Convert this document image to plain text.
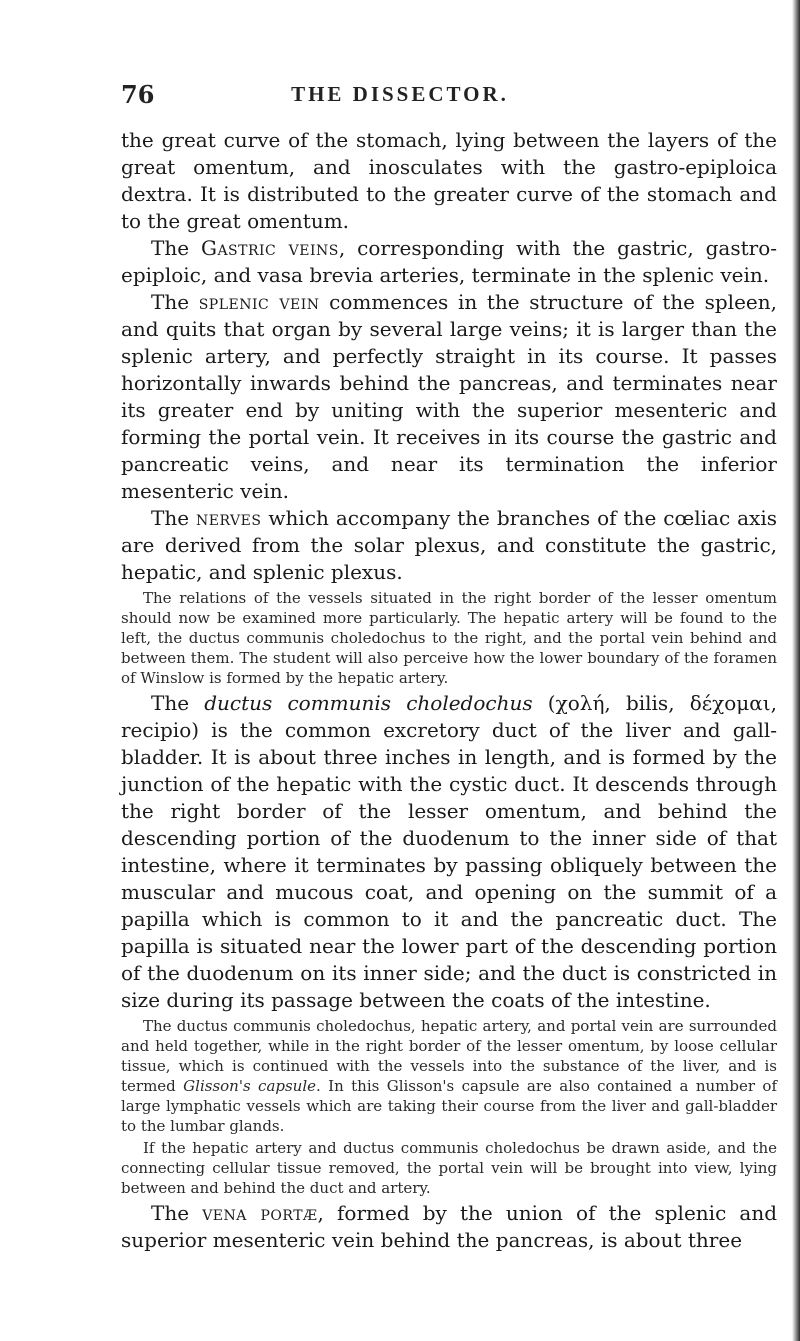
76	THE DISSECTOR.

the great curve of the stomach, lying between the layers of the great omentum, and inosculates with the gastro-epiploica dextra. It is distributed to the greater curve of the stomach and to the great omentum.

The Gastric veins, corresponding with the gastric, gastro-epiploic, and vasa brevia arteries, terminate in the splenic vein.

The splenic vein commences in the structure of the spleen, and quits that organ by several large veins; it is larger than the splenic artery, and perfectly straight in its course. It passes horizontally inwards behind the pancreas, and terminates near its greater end by uniting with the superior mesenteric and forming the portal vein. It receives in its course the gastric and pancreatic veins, and near its termination the inferior mesenteric vein.

The nerves which accompany the branches of the cœliac axis are derived from the solar plexus, and constitute the gastric, hepatic, and splenic plexus.

The relations of the vessels situated in the right border of the lesser omentum should now be examined more particularly. The hepatic artery will be found to the left, the ductus communis choledochus to the right, and the portal vein behind and between them. The student will also perceive how the lower boundary of the foramen of Winslow is formed by the hepatic artery.

The ductus communis choledochus (χολή, bilis, δέχομαι, recipio) is the common excretory duct of the liver and gall-bladder. It is about three inches in length, and is formed by the junction of the hepatic with the cystic duct. It descends through the right border of the lesser omentum, and behind the descending portion of the duodenum to the inner side of that intestine, where it terminates by passing obliquely between the muscular and mucous coat, and opening on the summit of a papilla which is common to it and the pancreatic duct. The papilla is situated near the lower part of the descending portion of the duodenum on its inner side; and the duct is constricted in size during its passage between the coats of the intestine.

The ductus communis choledochus, hepatic artery, and portal vein are surrounded and held together, while in the right border of the lesser omentum, by loose cellular tissue, which is continued with the vessels into the substance of the liver, and is termed Glisson's capsule. In this Glisson's capsule are also contained a number of large lymphatic vessels which are taking their course from the liver and gall-bladder to the lumbar glands.

If the hepatic artery and ductus communis choledochus be drawn aside, and the connecting cellular tissue removed, the portal vein will be brought into view, lying between and behind the duct and artery.

The vena portæ, formed by the union of the splenic and superior mesenteric vein behind the pancreas, is about three
